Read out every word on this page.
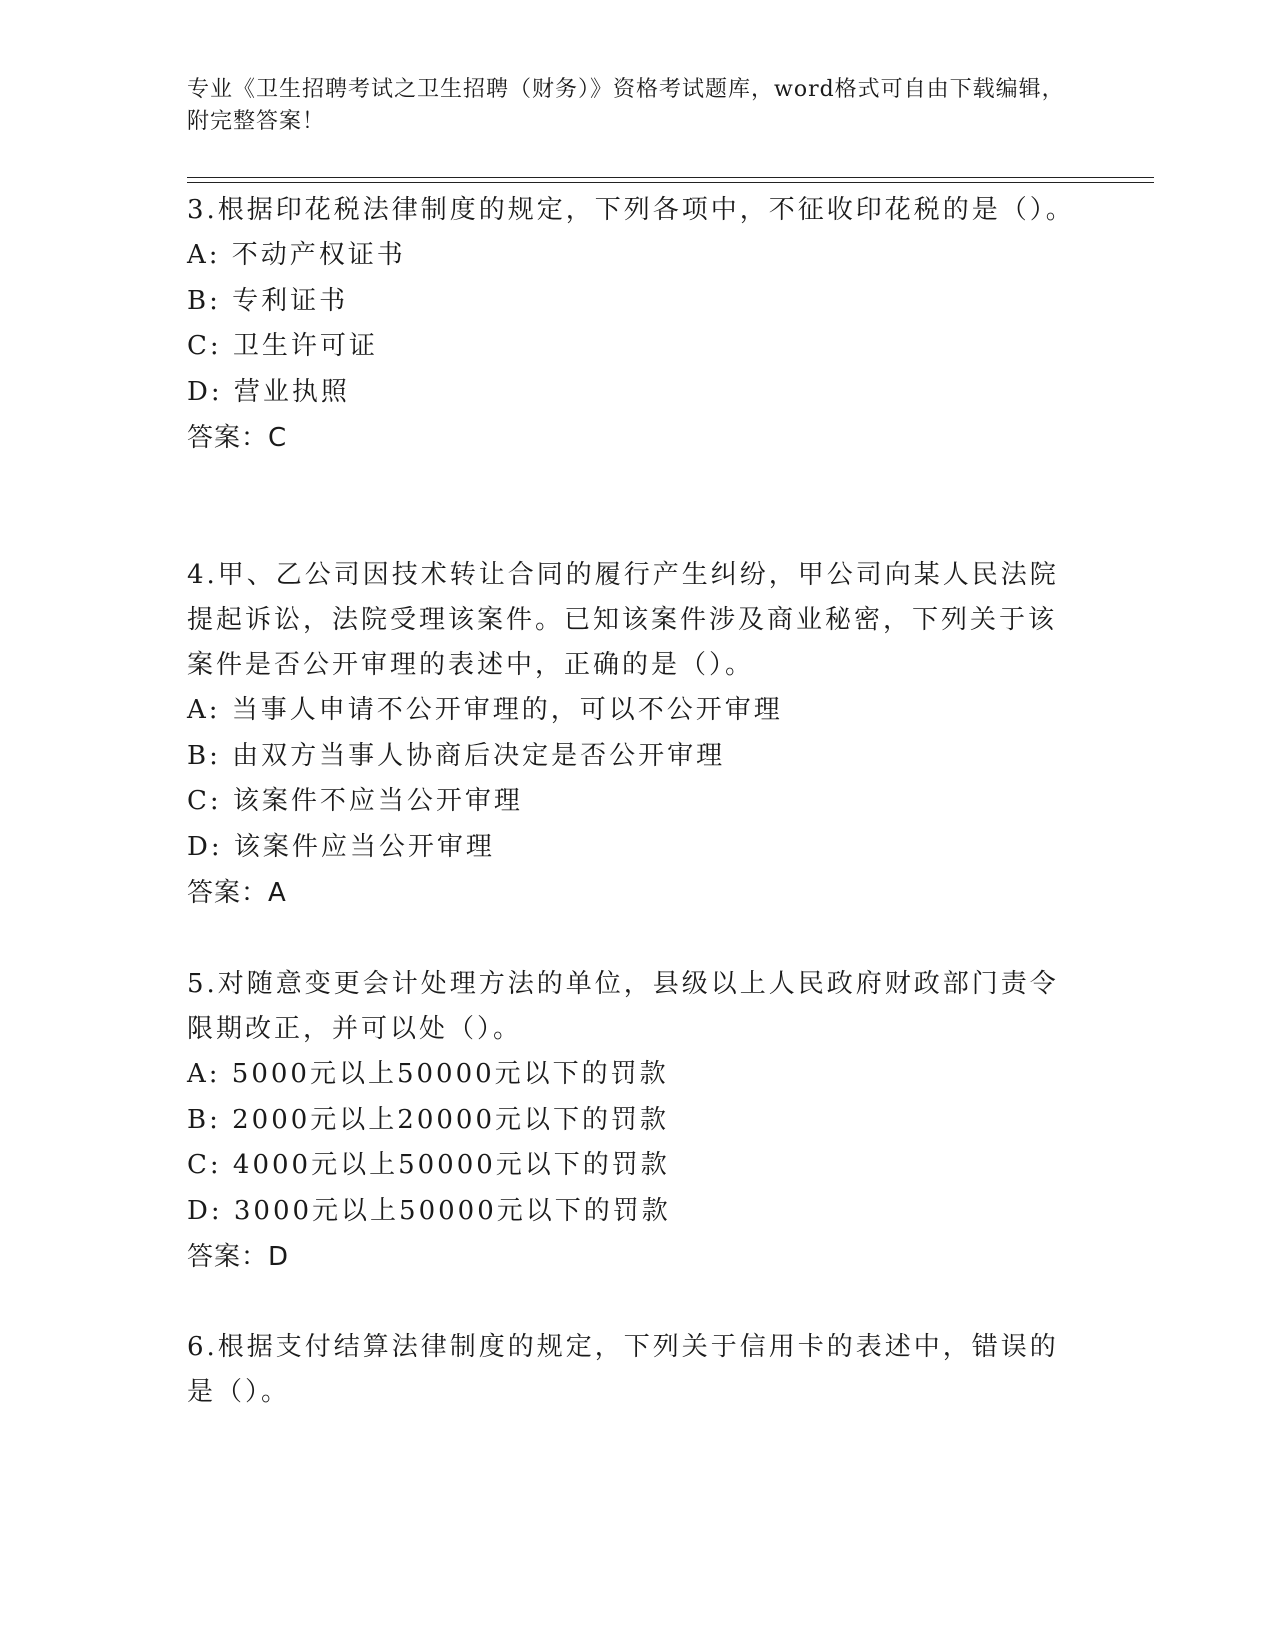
专业《卫生招聘考试之卫生招聘（财务）》资格考试题库，word格式可自由下载编辑，附完整答案！

3.根据印花税法律制度的规定，下列各项中，不征收印花税的是（）。

A: 不动产权证书

B: 专利证书

C: 卫生许可证

D: 营业执照

答案：C

4.甲、乙公司因技术转让合同的履行产生纠纷，甲公司向某人民法院提起诉讼，法院受理该案件。已知该案件涉及商业秘密，下列关于该案件是否公开审理的表述中，正确的是（）。

A: 当事人申请不公开审理的，可以不公开审理

B: 由双方当事人协商后决定是否公开审理

C: 该案件不应当公开审理

D: 该案件应当公开审理

答案：A

5.对随意变更会计处理方法的单位，县级以上人民政府财政部门责令限期改正，并可以处（）。

A: 5000元以上50000元以下的罚款

B: 2000元以上20000元以下的罚款

C: 4000元以上50000元以下的罚款

D: 3000元以上50000元以下的罚款

答案：D

6.根据支付结算法律制度的规定，下列关于信用卡的表述中，错误的是（）。
